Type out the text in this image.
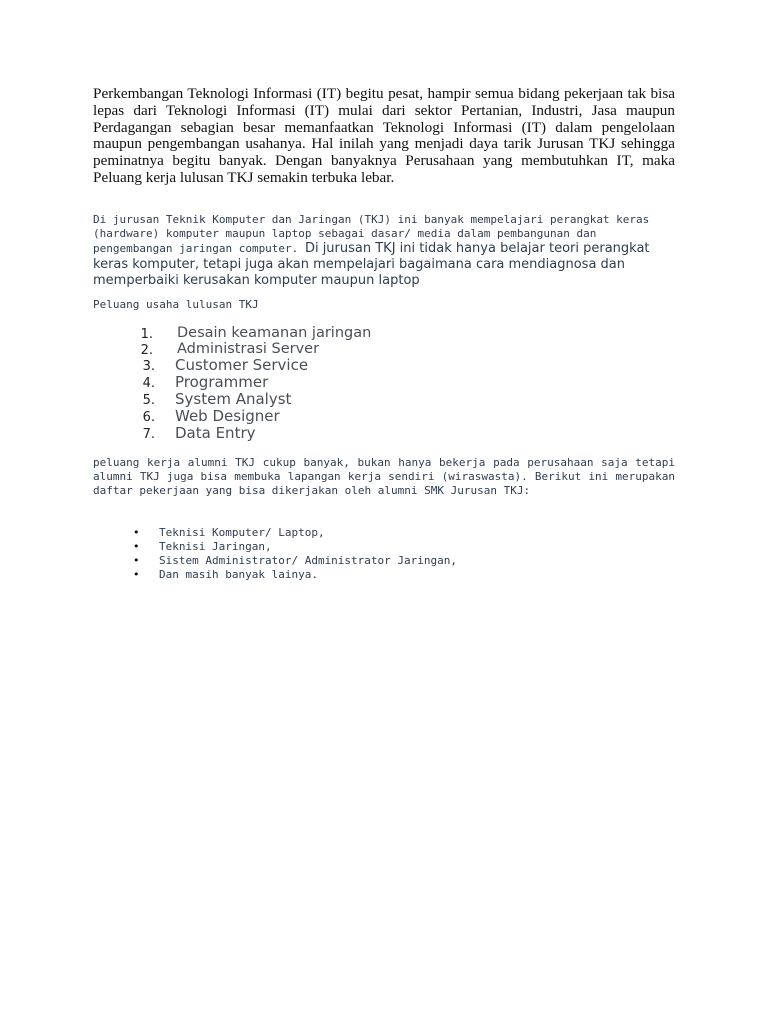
Perkembangan Teknologi Informasi (IT) begitu pesat, hampir semua bidang pekerjaan tak bisa lepas dari Teknologi Informasi (IT) mulai dari sektor Pertanian, Industri, Jasa maupun Perdagangan sebagian besar memanfaatkan Teknologi Informasi (IT) dalam pengelolaan maupun pengembangan usahanya. Hal inilah yang menjadi daya tarik Jurusan TKJ sehingga peminatnya begitu banyak. Dengan banyaknya Perusahaan yang membutuhkan IT, maka Peluang kerja lulusan TKJ semakin terbuka lebar.

Di jurusan Teknik Komputer dan Jaringan (TKJ) ini banyak mempelajari perangkat keras (hardware) komputer maupun laptop sebagai dasar/ media dalam pembangunan dan pengembangan jaringan computer. Di jurusan TKJ ini tidak hanya belajar teori perangkat keras komputer, tetapi juga akan mempelajari bagaimana cara mendiagnosa dan memperbaiki kerusakan komputer maupun laptop

Peluang usaha lulusan TKJ

1.	Desain keamanan jaringan
2.	Administrasi Server
3.	Customer Service
4.	Programmer
5.	System Analyst
6.	Web Designer
7.	Data Entry

peluang kerja alumni TKJ cukup banyak, bukan hanya bekerja pada perusahaan saja tetapi alumni TKJ juga bisa membuka lapangan kerja sendiri (wiraswasta). Berikut ini merupakan daftar pekerjaan yang bisa dikerjakan oleh alumni SMK Jurusan TKJ:

• Teknisi Komputer/ Laptop,
• Teknisi Jaringan,
• Sistem Administrator/ Administrator Jaringan,
• Dan masih banyak lainya.
